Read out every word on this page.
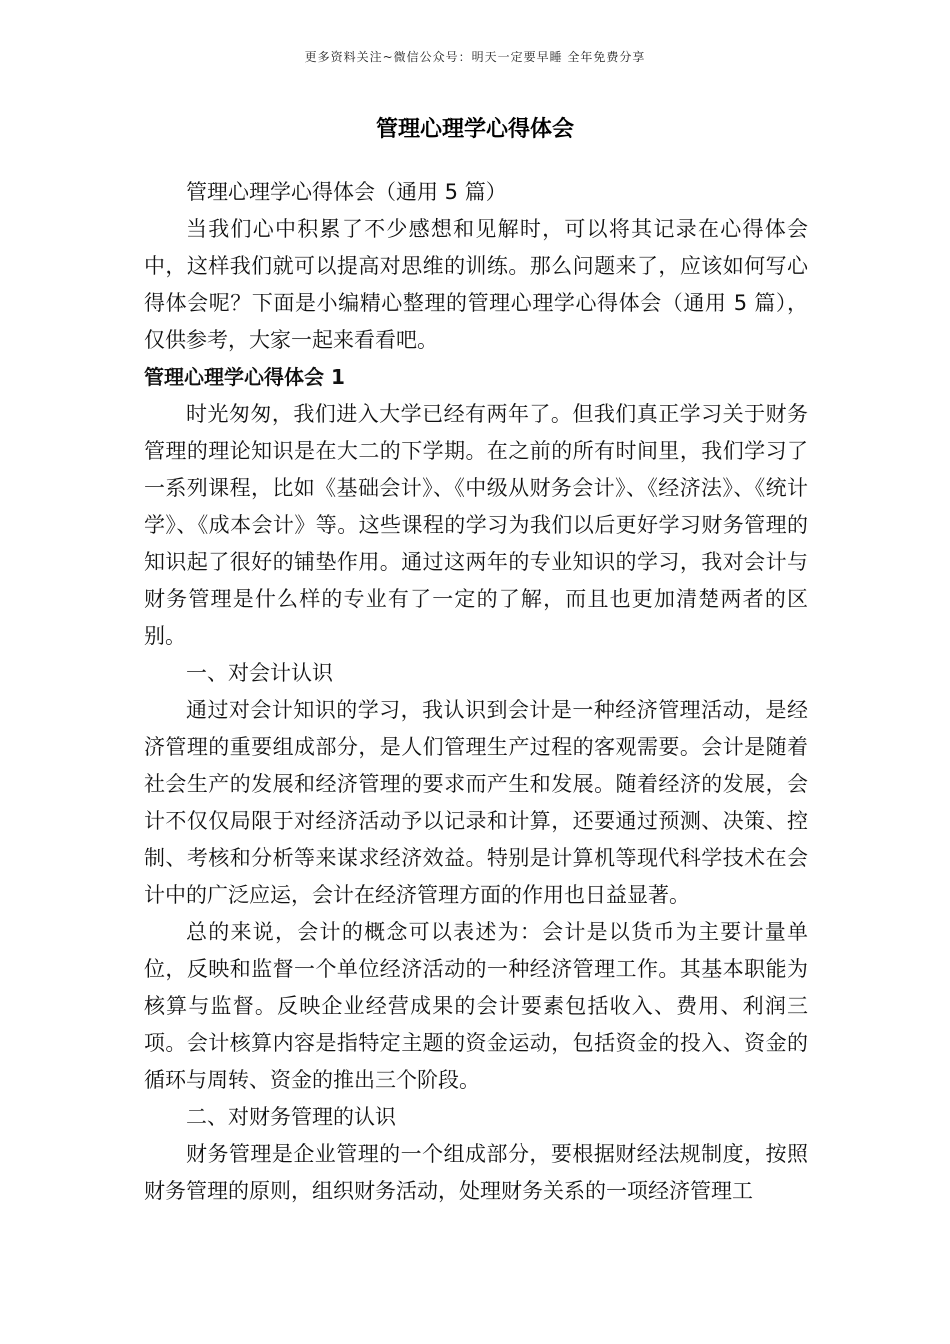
更多资料关注~微信公众号：明天一定要早睡 全年免费分享
管理心理学心得体会

管理心理学心得体会（通用 5 篇）

当我们心中积累了不少感想和见解时，可以将其记录在心得体会中，这样我们就可以提高对思维的训练。那么问题来了，应该如何写心得体会呢？下面是小编精心整理的管理心理学心得体会（通用 5 篇），仅供参考，大家一起来看看吧。

管理心理学心得体会 1

时光匆匆，我们进入大学已经有两年了。但我们真正学习关于财务管理的理论知识是在大二的下学期。在之前的所有时间里，我们学习了一系列课程，比如《基础会计》、《中级从财务会计》、《经济法》、《统计学》、《成本会计》等。这些课程的学习为我们以后更好学习财务管理的知识起了很好的铺垫作用。通过这两年的专业知识的学习，我对会计与财务管理是什么样的专业有了一定的了解，而且也更加清楚两者的区别。

一、对会计认识

通过对会计知识的学习，我认识到会计是一种经济管理活动，是经济管理的重要组成部分，是人们管理生产过程的客观需要。会计是随着社会生产的发展和经济管理的要求而产生和发展。随着经济的发展，会计不仅仅局限于对经济活动予以记录和计算，还要通过预测、决策、控制、考核和分析等来谋求经济效益。特别是计算机等现代科学技术在会计中的广泛应运，会计在经济管理方面的作用也日益显著。

总的来说，会计的概念可以表述为：会计是以货币为主要计量单位，反映和监督一个单位经济活动的一种经济管理工作。其基本职能为核算与监督。反映企业经营成果的会计要素包括收入、费用、利润三项。会计核算内容是指特定主题的资金运动，包括资金的投入、资金的循环与周转、资金的推出三个阶段。

二、对财务管理的认识

财务管理是企业管理的一个组成部分，要根据财经法规制度，按照财务管理的原则，组织财务活动，处理财务关系的一项经济管理工
